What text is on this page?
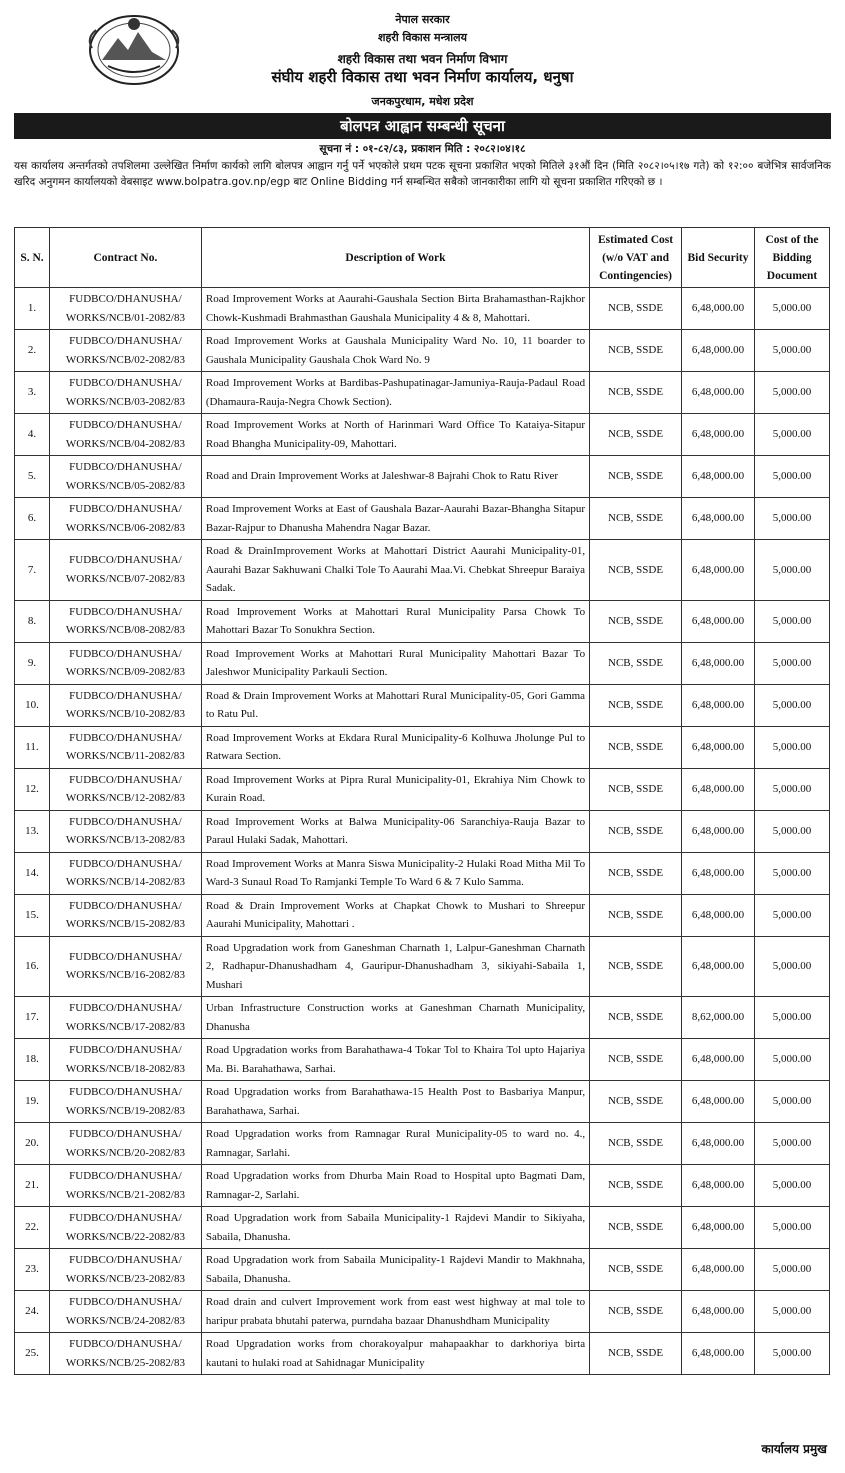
नेपाल सरकार
शहरी विकास मन्त्रालय
शहरी विकास तथा भवन निर्माण विभाग
संघीय शहरी विकास तथा भवन निर्माण कार्यालय, धनुषा
जनकपुरधाम, मधेश प्रदेश
बोलपत्र आह्वान सम्बन्धी सूचना
सूचना नं : ०१-८२/८३, प्रकाशन मिति : २०८२।०४।१८
यस कार्यालय अन्तर्गतको तपशिलमा उल्लेखित निर्माण कार्यको लागि बोलपत्र आह्वान गर्नु पर्ने भएकोले प्रथम पटक सूचना प्रकाशित भएको मितिले ३१औं दिन (मिति २०८२।०५।१७ गते) को १२:०० बजेभित्र सार्वजनिक खरिद अनुगमन कार्यालयको वेबसाइट www.bolpatra.gov.np/egp बाट Online Bidding गर्न सम्बन्धित सबैको जानकारीका लागि यो सूचना प्रकाशित गरिएको छ ।
S. N.	Contract No.	Description of Work	Estimated Cost (w/o VAT and Contingencies)	Bid Security	Cost of the Bidding Document
1.	FUDBCO/DHANUSHA/ WORKS/NCB/01-2082/83	Road Improvement Works at Aaurahi-Gaushala Section Birta Brahamasthan-Rajkhor Chowk-Kushmadi Brahmasthan Gaushala Municipality 4 & 8, Mahottari.	NCB, SSDE	6,48,000.00	5,000.00
2.	FUDBCO/DHANUSHA/ WORKS/NCB/02-2082/83	Road Improvement Works at Gaushala Municipality Ward No. 10, 11 boarder to Gaushala Municipality Gaushala Chok Ward No. 9	NCB, SSDE	6,48,000.00	5,000.00
3.	FUDBCO/DHANUSHA/ WORKS/NCB/03-2082/83	Road Improvement Works at Bardibas-Pashupatinagar-Jamuniya-Rauja-Padaul Road (Dhamaura-Rauja-Negra Chowk Section).	NCB, SSDE	6,48,000.00	5,000.00
4.	FUDBCO/DHANUSHA/ WORKS/NCB/04-2082/83	Road Improvement Works at North of Harinmari Ward Office To Kataiya-Sitapur Road Bhangha Municipality-09, Mahottari.	NCB, SSDE	6,48,000.00	5,000.00
5.	FUDBCO/DHANUSHA/ WORKS/NCB/05-2082/83	Road and Drain Improvement Works at Jaleshwar-8 Bajrahi Chok to Ratu River	NCB, SSDE	6,48,000.00	5,000.00
6.	FUDBCO/DHANUSHA/ WORKS/NCB/06-2082/83	Road Improvement Works at East of Gaushala Bazar-Aaurahi Bazar-Bhangha Sitapur Bazar-Rajpur to Dhanusha Mahendra Nagar Bazar.	NCB, SSDE	6,48,000.00	5,000.00
7.	FUDBCO/DHANUSHA/ WORKS/NCB/07-2082/83	Road & DrainImprovement Works at Mahottari District Aaurahi Municipality-01, Aaurahi Bazar Sakhuwani Chalki Tole To Aaurahi Maa.Vi. Chebkat Shreepur Baraiya Sadak.	NCB, SSDE	6,48,000.00	5,000.00
8.	FUDBCO/DHANUSHA/ WORKS/NCB/08-2082/83	Road Improvement Works at Mahottari Rural Municipality Parsa Chowk To Mahottari Bazar To Sonukhra Section.	NCB, SSDE	6,48,000.00	5,000.00
9.	FUDBCO/DHANUSHA/ WORKS/NCB/09-2082/83	Road Improvement Works at Mahottari Rural Municipality Mahottari Bazar To Jaleshwor Municipality Parkauli Section.	NCB, SSDE	6,48,000.00	5,000.00
10.	FUDBCO/DHANUSHA/ WORKS/NCB/10-2082/83	Road & Drain Improvement Works at Mahottari Rural Municipality-05, Gori Gamma to Ratu Pul.	NCB, SSDE	6,48,000.00	5,000.00
11.	FUDBCO/DHANUSHA/ WORKS/NCB/11-2082/83	Road Improvement Works at Ekdara Rural Municipality-6 Kolhuwa Jholunge Pul to Ratwara Section.	NCB, SSDE	6,48,000.00	5,000.00
12.	FUDBCO/DHANUSHA/ WORKS/NCB/12-2082/83	Road Improvement Works at Pipra Rural Municipality-01, Ekrahiya Nim Chowk to Kurain Road.	NCB, SSDE	6,48,000.00	5,000.00
13.	FUDBCO/DHANUSHA/ WORKS/NCB/13-2082/83	Road Improvement Works at Balwa Municipality-06 Saranchiya-Rauja Bazar to Paraul Hulaki Sadak, Mahottari.	NCB, SSDE	6,48,000.00	5,000.00
14.	FUDBCO/DHANUSHA/ WORKS/NCB/14-2082/83	Road Improvement Works at Manra Siswa Municipality-2 Hulaki Road Mitha Mil To Ward-3 Sunaul Road To Ramjanki Temple To Ward 6 & 7 Kulo Samma.	NCB, SSDE	6,48,000.00	5,000.00
15.	FUDBCO/DHANUSHA/ WORKS/NCB/15-2082/83	Road & Drain Improvement Works at Chapkat Chowk to Mushari to Shreepur Aaurahi Municipality, Mahottari .	NCB, SSDE	6,48,000.00	5,000.00
16.	FUDBCO/DHANUSHA/ WORKS/NCB/16-2082/83	Road Upgradation work from Ganeshman Charnath 1, Lalpur-Ganeshman Charnath 2, Radhapur-Dhanushadham 4, Gauripur-Dhanushadham 3, sikiyahi-Sabaila 1, Mushari	NCB, SSDE	6,48,000.00	5,000.00
17.	FUDBCO/DHANUSHA/ WORKS/NCB/17-2082/83	Urban Infrastructure Construction works at Ganeshman Charnath Municipality, Dhanusha	NCB, SSDE	8,62,000.00	5,000.00
18.	FUDBCO/DHANUSHA/ WORKS/NCB/18-2082/83	Road Upgradation works from Barahathawa-4 Tokar Tol to Khaira Tol upto Hajariya Ma. Bi. Barahathawa, Sarhai.	NCB, SSDE	6,48,000.00	5,000.00
19.	FUDBCO/DHANUSHA/ WORKS/NCB/19-2082/83	Road Upgradation works from Barahathawa-15 Health Post to Basbariya Manpur, Barahathawa, Sarhai.	NCB, SSDE	6,48,000.00	5,000.00
20.	FUDBCO/DHANUSHA/ WORKS/NCB/20-2082/83	Road Upgradation works from Ramnagar Rural Municipality-05 to ward no. 4., Ramnagar, Sarlahi.	NCB, SSDE	6,48,000.00	5,000.00
21.	FUDBCO/DHANUSHA/ WORKS/NCB/21-2082/83	Road Upgradation works from Dhurba Main Road to Hospital upto Bagmati Dam, Ramnagar-2, Sarlahi.	NCB, SSDE	6,48,000.00	5,000.00
22.	FUDBCO/DHANUSHA/ WORKS/NCB/22-2082/83	Road Upgradation work from Sabaila Municipality-1 Rajdevi Mandir to Sikiyaha, Sabaila, Dhanusha.	NCB, SSDE	6,48,000.00	5,000.00
23.	FUDBCO/DHANUSHA/ WORKS/NCB/23-2082/83	Road Upgradation work from Sabaila Municipality-1 Rajdevi Mandir to Makhnaha, Sabaila, Dhanusha.	NCB, SSDE	6,48,000.00	5,000.00
24.	FUDBCO/DHANUSHA/ WORKS/NCB/24-2082/83	Road drain and culvert Improvement work from east west highway at mal tole to haripur prabata bhutahi paterwa, purndaha bazaar Dhanushdham Municipality	NCB, SSDE	6,48,000.00	5,000.00
25.	FUDBCO/DHANUSHA/ WORKS/NCB/25-2082/83	Road Upgradation works from chorakoyalpur mahapaakhar to darkhoriya birta kautani to hulaki road at Sahidnagar Municipality	NCB, SSDE	6,48,000.00	5,000.00
कार्यालय प्रमुख
